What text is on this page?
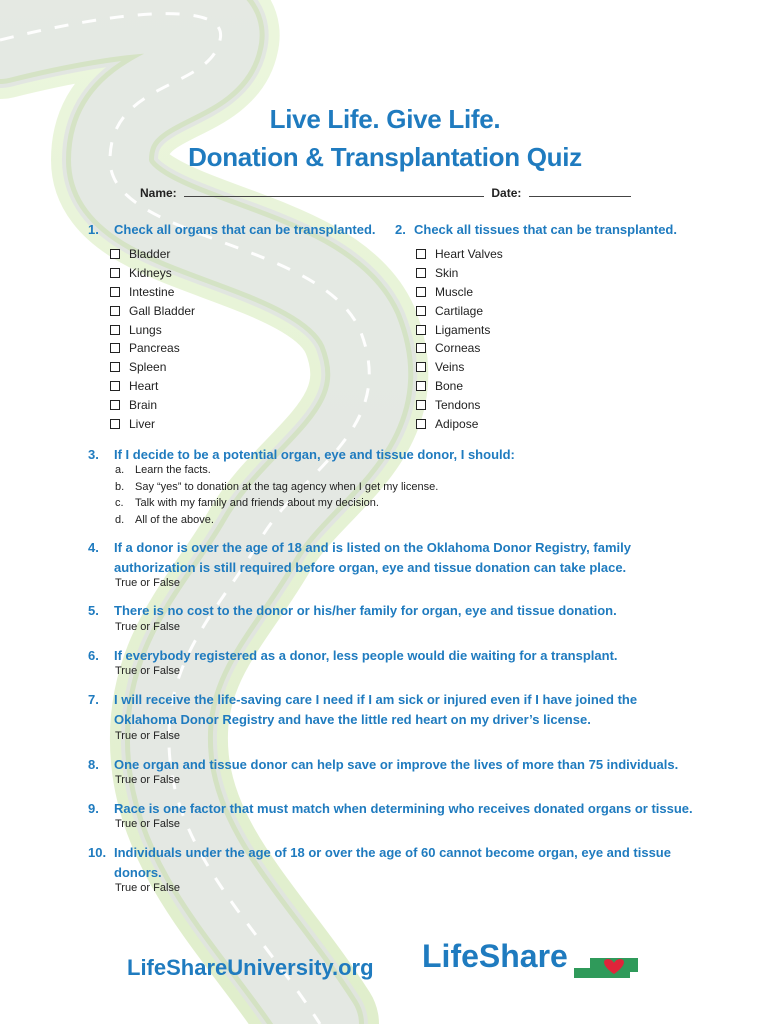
Live Life. Give Life.
Donation & Transplantation Quiz
Name:	Date:
1. Check all organs that can be transplanted.
Bladder
Kidneys
Intestine
Gall Bladder
Lungs
Pancreas
Spleen
Heart
Brain
Liver
2. Check all tissues that can be transplanted.
Heart Valves
Skin
Muscle
Cartilage
Ligaments
Corneas
Veins
Bone
Tendons
Adipose
3. If I decide to be a potential organ, eye and tissue donor, I should:
a. Learn the facts.
b. Say “yes” to donation at the tag agency when I get my license.
c. Talk with my family and friends about my decision.
d. All of the above.
4. If a donor is over the age of 18 and is listed on the Oklahoma Donor Registry, family
authorization is still required before organ, eye and tissue donation can take place.
True or False
5. There is no cost to the donor or his/her family for organ, eye and tissue donation.
True or False
6. If everybody registered as a donor, less people would die waiting for a transplant.
True or False
7. I will receive the life-saving care I need if I am sick or injured even if I have joined the
Oklahoma Donor Registry and have the little red heart on my driver’s license.
True or False
8. One organ and tissue donor can help save or improve the lives of more than 75 individuals.
True or False
9. Race is one factor that must match when determining who receives donated organs or tissue.
True or False
10. Individuals under the age of 18 or over the age of 60 cannot become organ, eye and tissue
donors.
True or False
LifeShareUniversity.org LifeShare
